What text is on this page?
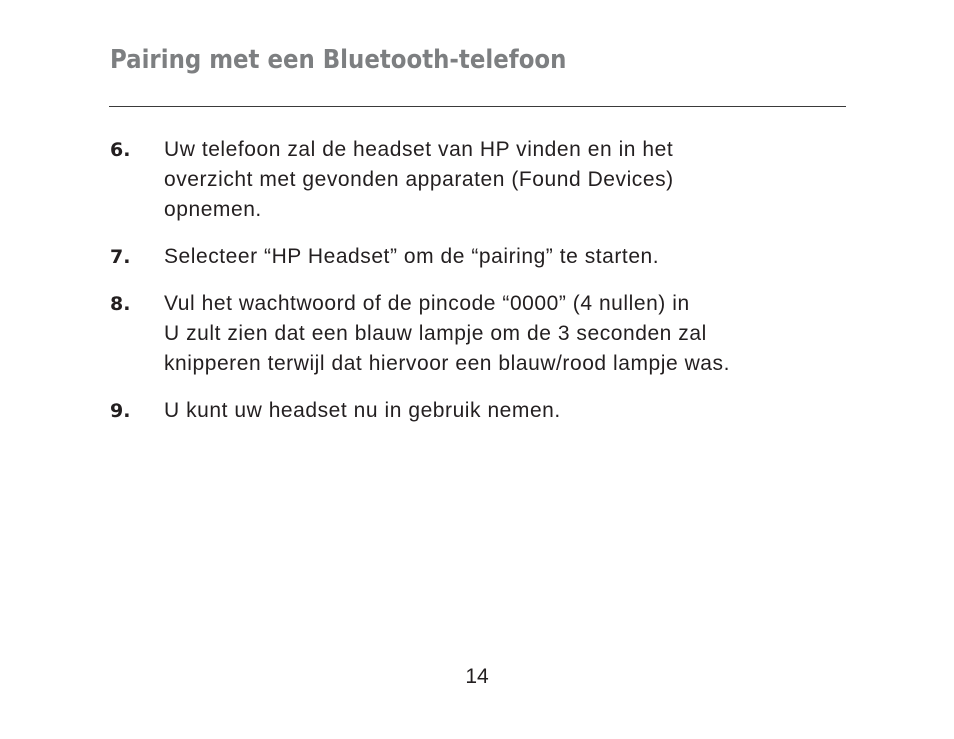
Pairing met een Bluetooth-telefoon
6.	Uw telefoon zal de headset van HP vinden en in het
overzicht met gevonden apparaten (Found Devices)
opnemen.
7.	Selecteer “HP Headset” om de “pairing” te starten.
8.	Vul het wachtwoord of de pincode “0000” (4 nullen) in
U zult zien dat een blauw lampje om de 3 seconden zal
knipperen terwijl dat hiervoor een blauw/rood lampje was.
9.	U kunt uw headset nu in gebruik nemen.
14
